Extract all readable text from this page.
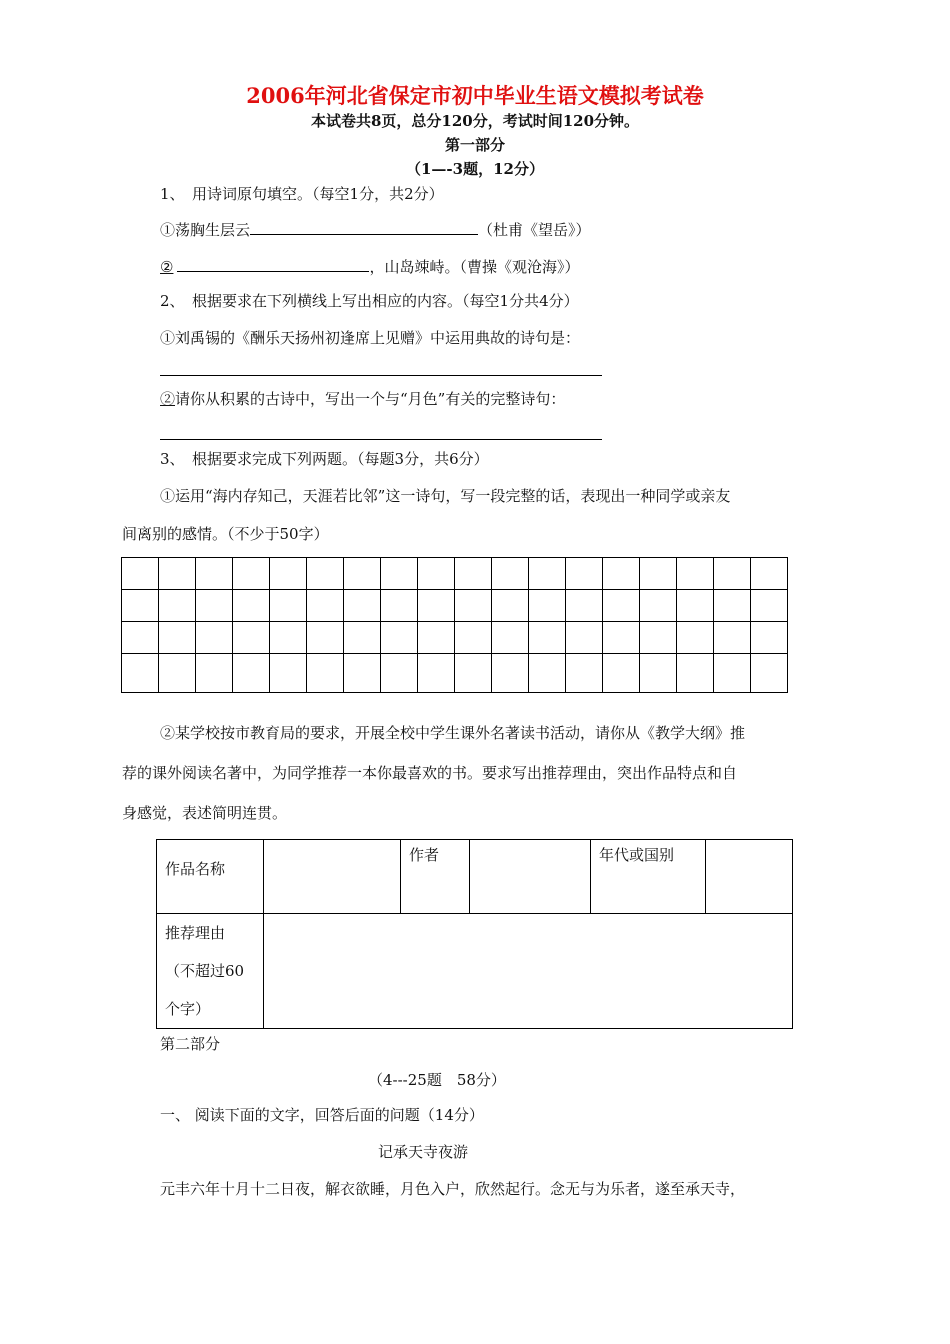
2006年河北省保定市初中毕业生语文模拟考试卷
本试卷共8页，总分120分，考试时间120分钟。
第一部分
（1—-3题，12分）
1、　用诗词原句填空。（每空1分，共2分）
①荡胸生层云	（杜甫《望岳》）
②	，山岛竦峙。（曹操《观沧海》）
2、　根据要求在下列横线上写出相应的内容。（每空1分共4分）
①刘禹锡的《酬乐天扬州初逢席上见赠》中运用典故的诗句是：
②请你从积累的古诗中，写出一个与“月色”有关的完整诗句：
3、　根据要求完成下列两题。（每题3分，共6分）
①运用“海内存知己，天涯若比邻”这一诗句，写一段完整的话，表现出一种同学或亲友
间离别的感情。（不少于50字）

②某学校按市教育局的要求，开展全校中学生课外名著读书活动，请你从《教学大纲》推
荐的课外阅读名著中，为同学推荐一本你最喜欢的书。要求写出推荐理由，突出作品特点和自
身感觉，表述简明连贯。
作品名称		作者		年代或国别	

推荐理由
（不超过60
个字）					

第二部分
（4---25题　58分）
一、 阅读下面的文字，回答后面的问题（14分）
记承天寺夜游
元丰六年十月十二日夜，解衣欲睡，月色入户，欣然起行。念无与为乐者，遂至承天寺，
